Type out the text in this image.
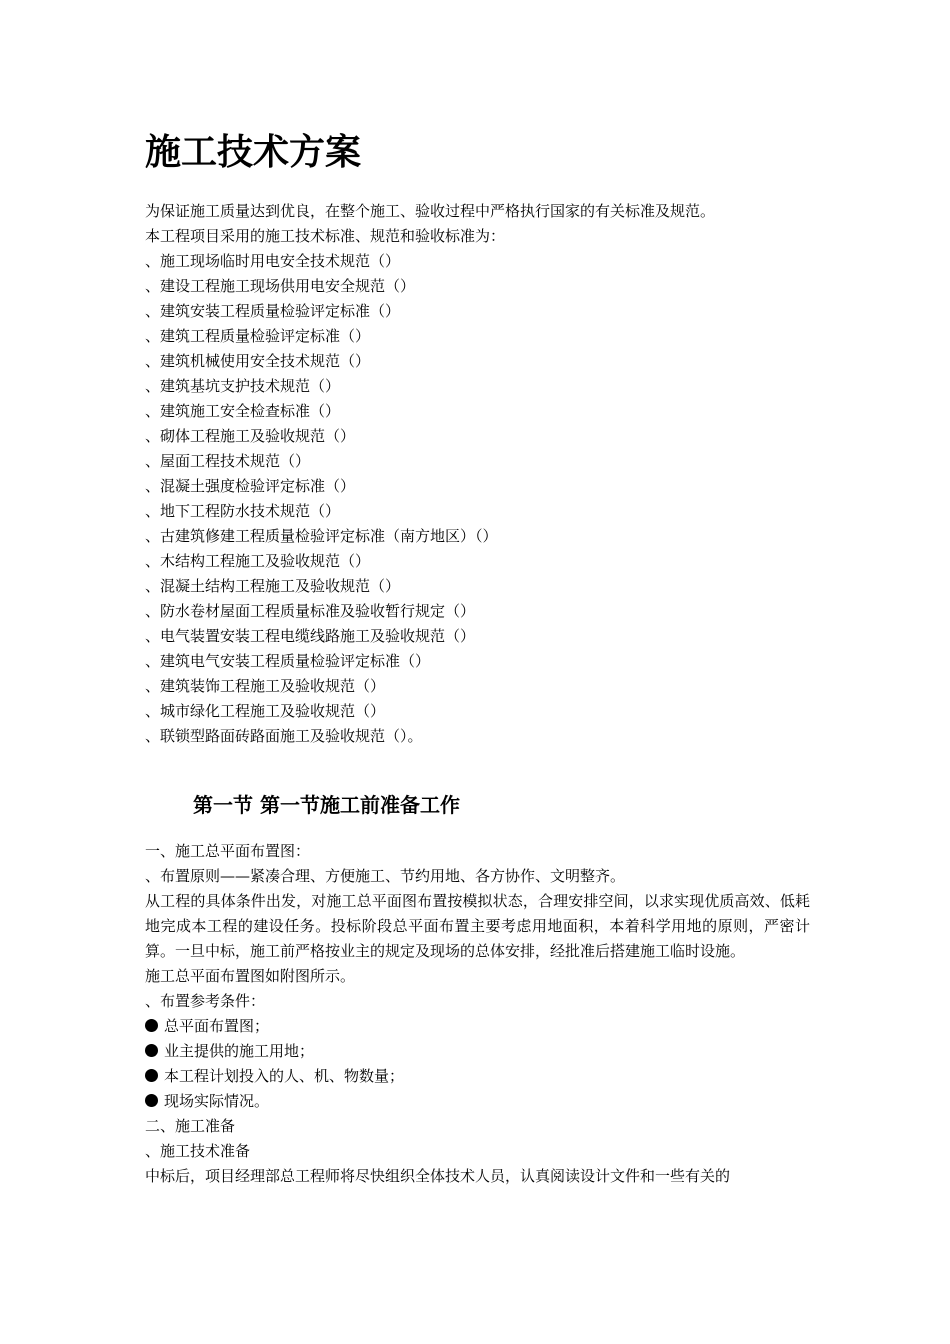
施工技术方案
为保证施工质量达到优良，在整个施工、验收过程中严格执行国家的有关标准及规范。
本工程项目采用的施工技术标准、规范和验收标准为：
、施工现场临时用电安全技术规范（）
、建设工程施工现场供用电安全规范（）
、建筑安装工程质量检验评定标准（）
、建筑工程质量检验评定标准（）
、建筑机械使用安全技术规范（）
、建筑基坑支护技术规范（）
、建筑施工安全检查标准（）
、砌体工程施工及验收规范（）
、屋面工程技术规范（）
、混凝土强度检验评定标准（）
、地下工程防水技术规范（）
、古建筑修建工程质量检验评定标准（南方地区）（）
、木结构工程施工及验收规范（）
、混凝土结构工程施工及验收规范（）
、防水卷材屋面工程质量标准及验收暂行规定（）
、电气装置安装工程电缆线路施工及验收规范（）
、建筑电气安装工程质量检验评定标准（）
、建筑装饰工程施工及验收规范（）
、城市绿化工程施工及验收规范（）
、联锁型路面砖路面施工及验收规范（）。
第一节 第一节施工前准备工作
一、施工总平面布置图：
、布置原则——紧凑合理、方便施工、节约用地、各方协作、文明整齐。
从工程的具体条件出发，对施工总平面图布置按模拟状态，合理安排空间，以求实现优质高效、低耗地完成本工程的建设任务。投标阶段总平面布置主要考虑用地面积，本着科学用地的原则，严密计算。一旦中标，施工前严格按业主的规定及现场的总体安排，经批准后搭建施工临时设施。
施工总平面布置图如附图所示。
、布置参考条件：
总平面布置图；
业主提供的施工用地；
本工程计划投入的人、机、物数量；
现场实际情况。
二、施工准备
、施工技术准备
中标后，项目经理部总工程师将尽快组织全体技术人员，认真阅读设计文件和一些有关的
